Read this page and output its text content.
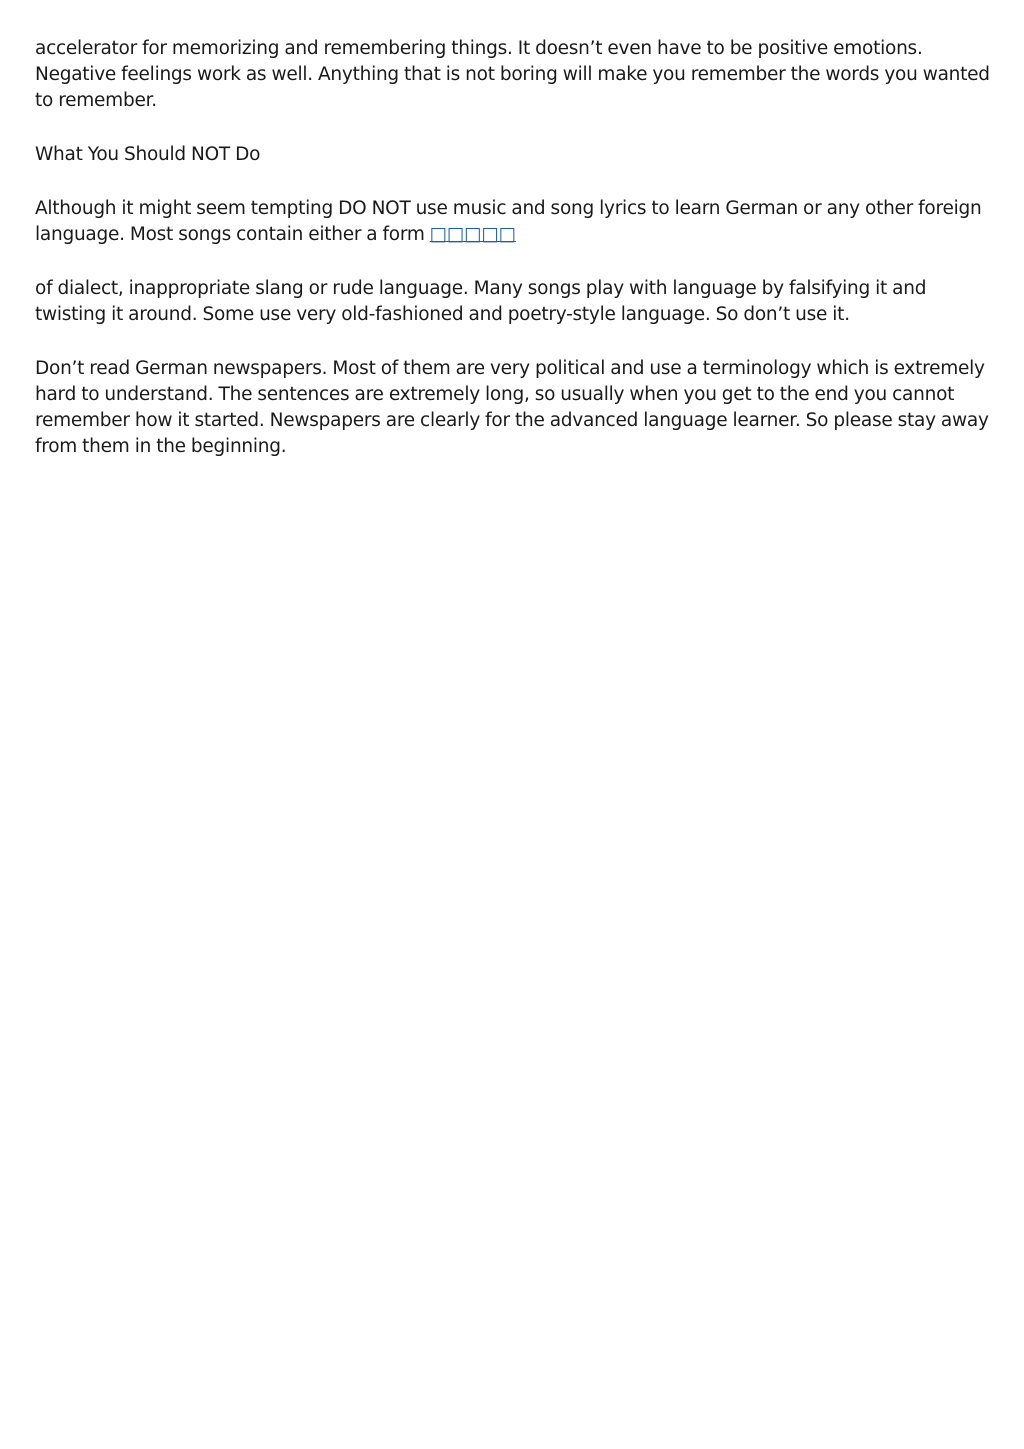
accelerator for memorizing and remembering things. It doesn’t even have to be positive emotions. Negative feelings work as well. Anything that is not boring will make you remember the words you wanted to remember.

What You Should NOT Do

Although it might seem tempting DO NOT use music and song lyrics to learn German or any other foreign language. Most songs contain either a form □□□□□

of dialect, inappropriate slang or rude language. Many songs play with language by falsifying it and twisting it around. Some use very old-fashioned and poetry-style language. So don’t use it.

Don’t read German newspapers. Most of them are very political and use a terminology which is extremely hard to understand. The sentences are extremely long, so usually when you get to the end you cannot remember how it started. Newspapers are clearly for the advanced language learner. So please stay away from them in the beginning.
